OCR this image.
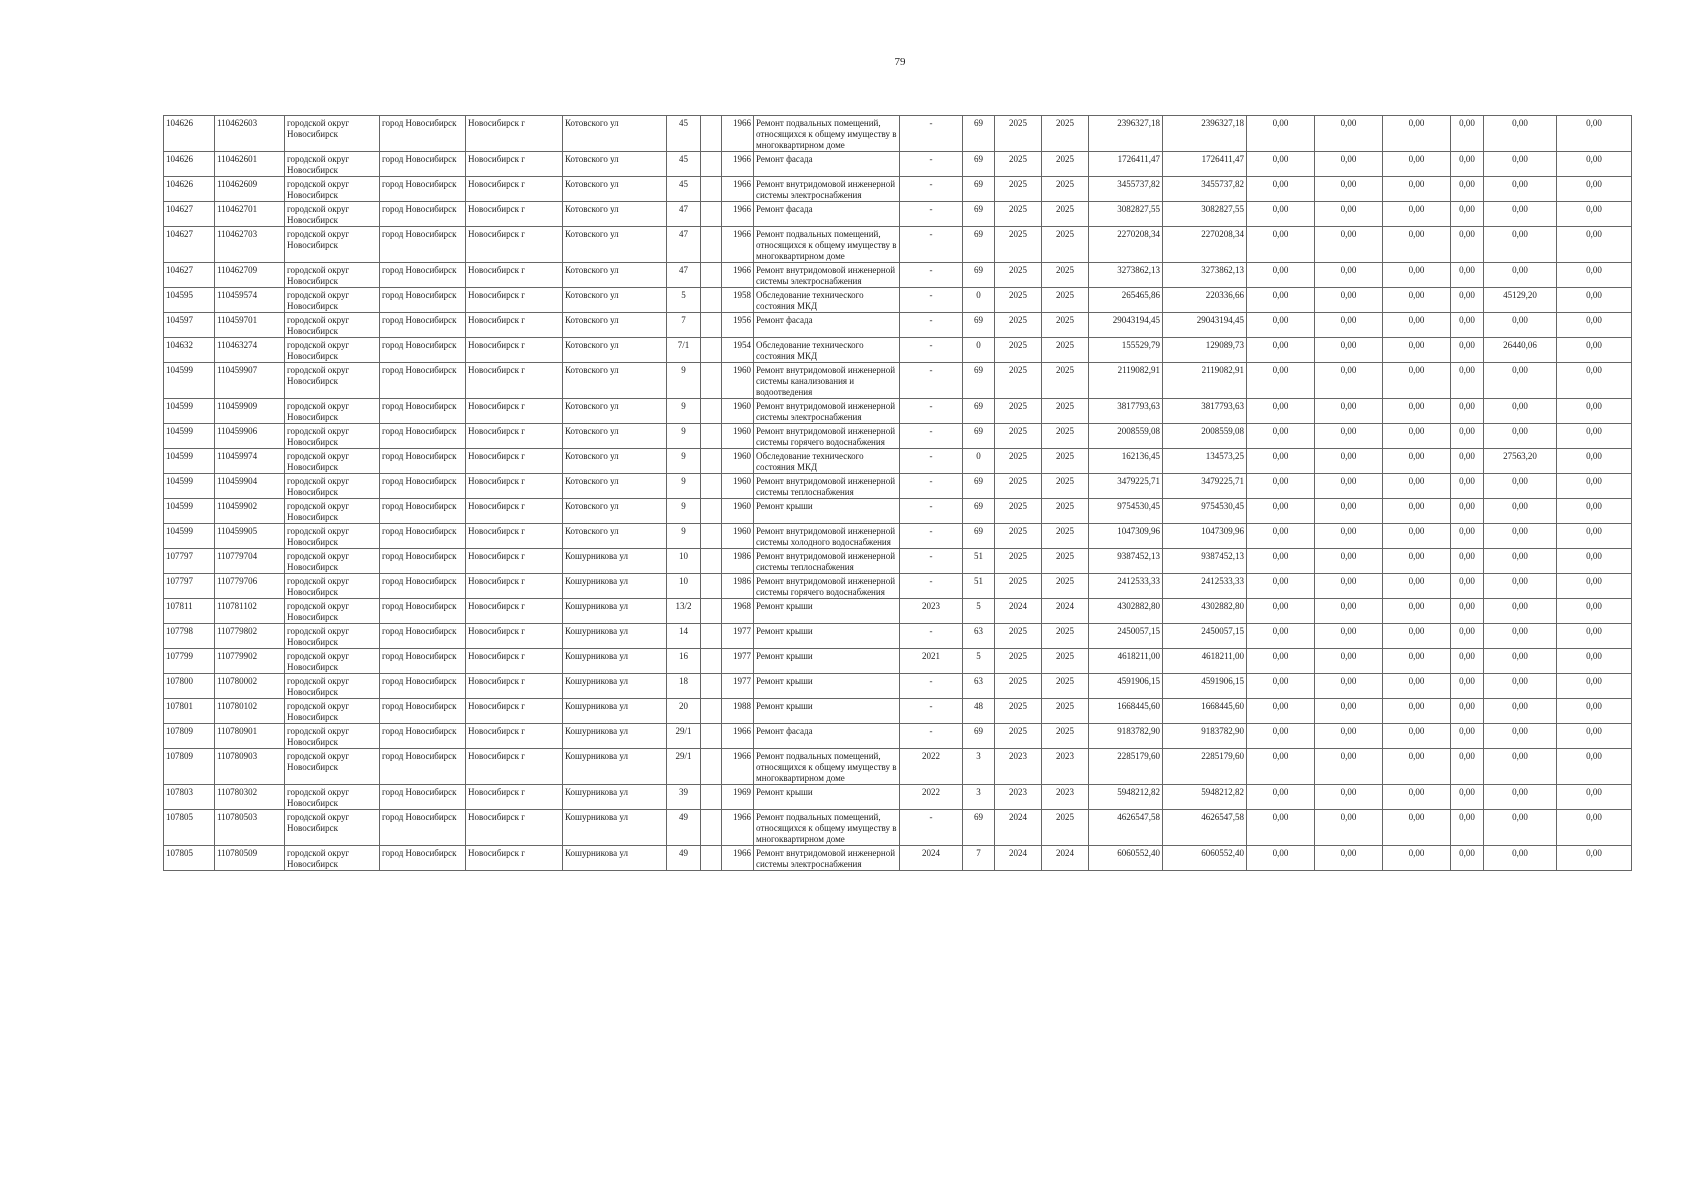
79
104626	110462603	городской округ Новосибирск	город Новосибирск	Новосибирск г	Котовского ул	45		1966	Ремонт подвальных помещений, относящихся к общему имуществу в многоквартирном доме	-	69	2025	2025	2396327,18	2396327,18	0,00	0,00	0,00	0,00	0,00	0,00
104626	110462601	городской округ Новосибирск	город Новосибирск	Новосибирск г	Котовского ул	45		1966	Ремонт фасада	-	69	2025	2025	1726411,47	1726411,47	0,00	0,00	0,00	0,00	0,00	0,00
104626	110462609	городской округ Новосибирск	город Новосибирск	Новосибирск г	Котовского ул	45		1966	Ремонт внутридомовой инженерной системы электроснабжения	-	69	2025	2025	3455737,82	3455737,82	0,00	0,00	0,00	0,00	0,00	0,00
104627	110462701	городской округ Новосибирск	город Новосибирск	Новосибирск г	Котовского ул	47		1966	Ремонт фасада	-	69	2025	2025	3082827,55	3082827,55	0,00	0,00	0,00	0,00	0,00	0,00
104627	110462703	городской округ Новосибирск	город Новосибирск	Новосибирск г	Котовского ул	47		1966	Ремонт подвальных помещений, относящихся к общему имуществу в многоквартирном доме	-	69	2025	2025	2270208,34	2270208,34	0,00	0,00	0,00	0,00	0,00	0,00
104627	110462709	городской округ Новосибирск	город Новосибирск	Новосибирск г	Котовского ул	47		1966	Ремонт внутридомовой инженерной системы электроснабжения	-	69	2025	2025	3273862,13	3273862,13	0,00	0,00	0,00	0,00	0,00	0,00
104595	110459574	городской округ Новосибирск	город Новосибирск	Новосибирск г	Котовского ул	5		1958	Обследование технического состояния МКД	-	0	2025	2025	265465,86	220336,66	0,00	0,00	0,00	0,00	45129,20	0,00
104597	110459701	городской округ Новосибирск	город Новосибирск	Новосибирск г	Котовского ул	7		1956	Ремонт фасада	-	69	2025	2025	29043194,45	29043194,45	0,00	0,00	0,00	0,00	0,00	0,00
104632	110463274	городской округ Новосибирск	город Новосибирск	Новосибирск г	Котовского ул	7/1		1954	Обследование технического состояния МКД	-	0	2025	2025	155529,79	129089,73	0,00	0,00	0,00	0,00	26440,06	0,00
104599	110459907	городской округ Новосибирск	город Новосибирск	Новосибирск г	Котовского ул	9		1960	Ремонт внутридомовой инженерной системы канализования и водоотведения	-	69	2025	2025	2119082,91	2119082,91	0,00	0,00	0,00	0,00	0,00	0,00
104599	110459909	городской округ Новосибирск	город Новосибирск	Новосибирск г	Котовского ул	9		1960	Ремонт внутридомовой инженерной системы электроснабжения	-	69	2025	2025	3817793,63	3817793,63	0,00	0,00	0,00	0,00	0,00	0,00
104599	110459906	городской округ Новосибирск	город Новосибирск	Новосибирск г	Котовского ул	9		1960	Ремонт внутридомовой инженерной системы горячего водоснабжения	-	69	2025	2025	2008559,08	2008559,08	0,00	0,00	0,00	0,00	0,00	0,00
104599	110459974	городской округ Новосибирск	город Новосибирск	Новосибирск г	Котовского ул	9		1960	Обследование технического состояния МКД	-	0	2025	2025	162136,45	134573,25	0,00	0,00	0,00	0,00	27563,20	0,00
104599	110459904	городской округ Новосибирск	город Новосибирск	Новосибирск г	Котовского ул	9		1960	Ремонт внутридомовой инженерной системы теплоснабжения	-	69	2025	2025	3479225,71	3479225,71	0,00	0,00	0,00	0,00	0,00	0,00
104599	110459902	городской округ Новосибирск	город Новосибирск	Новосибирск г	Котовского ул	9		1960	Ремонт крыши	-	69	2025	2025	9754530,45	9754530,45	0,00	0,00	0,00	0,00	0,00	0,00
104599	110459905	городской округ Новосибирск	город Новосибирск	Новосибирск г	Котовского ул	9		1960	Ремонт внутридомовой инженерной системы холодного водоснабжения	-	69	2025	2025	1047309,96	1047309,96	0,00	0,00	0,00	0,00	0,00	0,00
107797	110779704	городской округ Новосибирск	город Новосибирск	Новосибирск г	Кошурникова ул	10		1986	Ремонт внутридомовой инженерной системы теплоснабжения	-	51	2025	2025	9387452,13	9387452,13	0,00	0,00	0,00	0,00	0,00	0,00
107797	110779706	городской округ Новосибирск	город Новосибирск	Новосибирск г	Кошурникова ул	10		1986	Ремонт внутридомовой инженерной системы горячего водоснабжения	-	51	2025	2025	2412533,33	2412533,33	0,00	0,00	0,00	0,00	0,00	0,00
107811	110781102	городской округ Новосибирск	город Новосибирск	Новосибирск г	Кошурникова ул	13/2		1968	Ремонт крыши	2023	5	2024	2024	4302882,80	4302882,80	0,00	0,00	0,00	0,00	0,00	0,00
107798	110779802	городской округ Новосибирск	город Новосибирск	Новосибирск г	Кошурникова ул	14		1977	Ремонт крыши	-	63	2025	2025	2450057,15	2450057,15	0,00	0,00	0,00	0,00	0,00	0,00
107799	110779902	городской округ Новосибирск	город Новосибирск	Новосибирск г	Кошурникова ул	16		1977	Ремонт крыши	2021	5	2025	2025	4618211,00	4618211,00	0,00	0,00	0,00	0,00	0,00	0,00
107800	110780002	городской округ Новосибирск	город Новосибирск	Новосибирск г	Кошурникова ул	18		1977	Ремонт крыши	-	63	2025	2025	4591906,15	4591906,15	0,00	0,00	0,00	0,00	0,00	0,00
107801	110780102	городской округ Новосибирск	город Новосибирск	Новосибирск г	Кошурникова ул	20		1988	Ремонт крыши	-	48	2025	2025	1668445,60	1668445,60	0,00	0,00	0,00	0,00	0,00	0,00
107809	110780901	городской округ Новосибирск	город Новосибирск	Новосибирск г	Кошурникова ул	29/1		1966	Ремонт фасада	-	69	2025	2025	9183782,90	9183782,90	0,00	0,00	0,00	0,00	0,00	0,00
107809	110780903	городской округ Новосибирск	город Новосибирск	Новосибирск г	Кошурникова ул	29/1		1966	Ремонт подвальных помещений, относящихся к общему имуществу в многоквартирном доме	2022	3	2023	2023	2285179,60	2285179,60	0,00	0,00	0,00	0,00	0,00	0,00
107803	110780302	городской округ Новосибирск	город Новосибирск	Новосибирск г	Кошурникова ул	39		1969	Ремонт крыши	2022	3	2023	2023	5948212,82	5948212,82	0,00	0,00	0,00	0,00	0,00	0,00
107805	110780503	городской округ Новосибирск	город Новосибирск	Новосибирск г	Кошурникова ул	49		1966	Ремонт подвальных помещений, относящихся к общему имуществу в многоквартирном доме	-	69	2024	2025	4626547,58	4626547,58	0,00	0,00	0,00	0,00	0,00	0,00
107805	110780509	городской округ Новосибирск	город Новосибирск	Новосибирск г	Кошурникова ул	49		1966	Ремонт внутридомовой инженерной системы электроснабжения	2024	7	2024	2024	6060552,40	6060552,40	0,00	0,00	0,00	0,00	0,00	0,00
